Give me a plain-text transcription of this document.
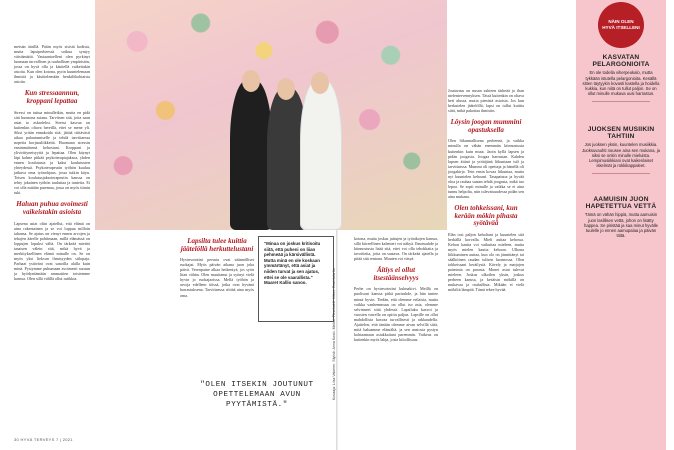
metsän äärillä. Päiän myös sisistä kodista, mutta lapsiperheessä sotkua syntyy väistämättä. Vastaantoelleni olen pyrkinyt luomaan turvallisen ja rauhallisen ympäristön, jossa on hyvä olla ja käsitellä vaikeitakin asioita. Kun olen kotona, pyrin kuuntelemaan ihmisiä ja käsittelemään henkilökohtaisia asioita.

Kun stressaannun, kroppani lepattaa

Stressi on tuttua minulleikin, mutta en pidä sitä huonona asiana. Tarvitsen sitä, jotta saan asiat to askarfeksi. Stressi kasvaa on kuitenkin oltava hereillä, ettei se mene yli. Siksi yritän ennakoida sitä, jäitää riittävästi aikaa palautumiselle ja tehdä tarvittaessa nopeita korjausliikkeitä. Huomaan stressin ensimmäisenä kehostani. Kroppani ja ylivirittyneisyyttä ja lepattaa. Olen käynyt läpi kolme pitkää psykoterapiajaksoa, yhden ennen koulutusta ja kaksi koulutusten yhteydessä. Psykoterapeutin työhön kuuluu jatkuva oma työnohjaus, jossa tutkin käyn. Toisen koulutusjaksoterapeutin kanssa on tehty jokainen työhön tauluttaa ja tunteita. Ei voi olla mitään paremaa, jossa on myös tiimin tuki.

Haluan puhua avoimesti vaikeistakin asioista

Lapsena asiat oliin ajatellut, että elämä on aina rakentainen ja se voi loppua milloin tahansa. Se ajatus on vienyt ennen arvojen ja tekojen äärelle pohtimaan, millä elämässä on loppujen lopuksi väliä. On tärkeää miettiä tasaisen välein sitä, mikä hyvä ja merkityksellinen elämä minulle on. Se on myös yksi liekvan ihmisyyden siilopaja. Parhaat ystäväni ovat sanoilla alalla kuin minä. Pystymme puhumaan avoimesti suruun ja hyödyntämään ammattien toistemme kanssa. Olen sillä välillä ollut rutikkia.

Lapsilta tulee kuittia jäätelöllä herkuttelustani

Hyvinvointini perusta ovat säännölliset ruokajat. Myös päivän aikana juon joka päivä. Verenpaine alkaa heikentyä, jos syön liian vähän. Olen muuttanut ja syönyt vielä hyvin jo ruokajaoissa. Mellä työhön ja arvoja edelleen töissä, jotka ovat hyvänä harrastuksena. Tarvittaessa riittää aina myös oma.

"Minua on joskus kritisoitu siitä, että puheni on liian pehmeää ja kärsivällistä. Mutta minä en ole koskaan ymmärtänyt, että asiat ja niiden turvat ja sen ajatus, ettei se ole vaarallista." Maaret Kallio sanoo.
"OLEN ITSEKIN JOUTUNUT OPETTELEMAAN AVUN PYYTÄMISTÄ."
Kuvaaja: Liisa Valonen. Stylisti: Anna Koski. Meikki: Tiina Lahti. Kiitos: Ravintola Ilo

Joutavaus on nusan suhteen tärkeää jo ihan nielentervennyksen. Tässä kuitenkin on oltava heti alussa, mutta pienistä asioista. Jos kun herkutelen jäätelöllä, lapsi on tullut kuittia siitä, mikä pakottaa ihmisiin.

Löysin joogan mummini opastuksella

Olen liikunnallisena perheenä, ja vaikka minulla on vähän enemmän kiinnostusta kuitenkin kuin muut. Jaoin kyllä lapsen ja pidän joogasta. Joogaa harrastan. Kahden lapsen äitinä ja yrittäjänä liikuntaan tuli ja tarvittaessa. Mummi oli opettaja ja hänellä oli joogakirja. Tein ensin kovaa liikuntaa, mutta nyt kuuntelen kehoani. Tasapainoa ja hyvää oloa ja rauhaa saatan tehdä joogasta, mikä tuo lepoa. Se sopii minulle ja vaikka se ei aina tunnu helpolta, niin tulevaisuudessa pidän sen aina mukana.

Olen tohkeissani, kun kerään mökin pihasta syötävää

Elän tosi paljon keholtani ja kuuntelen sitä herkällä korvalla. Mieli auttaa kehossa. Kehon kautta voi vaikuttaa mieleen, mutta myös mielen kautta kehoon. Ulkona liikkuminen auttaa, kun olo on jännittänyt tai säälköinen raudan tulisen luonnossa. Olen tohkeissani keräilystä. Kävely ja marjojen poiminta on parasta. Monet asiat tulevat mieleen. Joskus ulkoilen yksin, joskus perheen kanssa, ja kesäisin mökillä on mukavaa ja rauhallista. Mikään ei vielä mökiltä lämpöä. Tämä tekee hyvää.

kotona, mutta joskus juttujen ja työaikojen kanssa, sillä kiireellinen kalenteri voi näkyä. Ihmissuhde ja kiinnostusta lisää sitä, ettei voi olla tehokkaita ja tavoitteita, joita on saatava. On tärkeää ajatella ja pitää sitä rentona. Muuten voi väsyä.

Äitiys ei ollut itsestäänselvyys

Perhe on hyvinvointini kulmakivi. Meillä on puolisoni kanssa pitkä parisuhde, ja hän tuntee minut hyvin. Tiedän, että olemme erilaisia, mutta vaikka vanhemmuus on ollut iso asia, olemme selvinneet siitä yhdessä. Lapsiluku kasvoi ja vuosien varrella on opittu paljon. Lapsille on ollut mahdollista kasvaa turvallisesti ja rakkaudella. Ajattelen, että tänään olemme aivan selvillä siitä, mitä haluamme elämältä, ja sen ansiosta pystyn kohtaamaan asiakkaitani paremmin. Vaikeus on kuitenkin myös lahja, josta kiitollisuus.

30 HYVÄ TERVEYS 7 | 2021
NÄIN OLEN HYVÄ ITSELLENI
KASVATAN PELARGONIOITA

En ole todella viherpeukalo, mutta tykkään istutella pelargonioita. Kesällä sitten täytyykin kovasti kastella ja hoidella kukkia, kun niitä on tullut paljon. Se on ollut minulle mukava uusi harrastus.

JUOKSEN MUSIIKIN TAHTIIN

Jos juoksen yksin, kuuntelen musiikkia. Juoksuvauhti nousee aina sen mukana, ja siksi se onkin minulle mieluista. Lempimusiikkiani ovat kaikenlaiset iskelmät ja rokkikappaleet.

AAMUISIN JUON HAPETETTUA VETTÄ

Tämä on vähän hippiä, mutta aamuisin juon lasillisen vettä, johon on lisätty happea. Se piristää ja saa minut hyvälle tuulelle jo ennen aamupalaa ja päivän töitä.
